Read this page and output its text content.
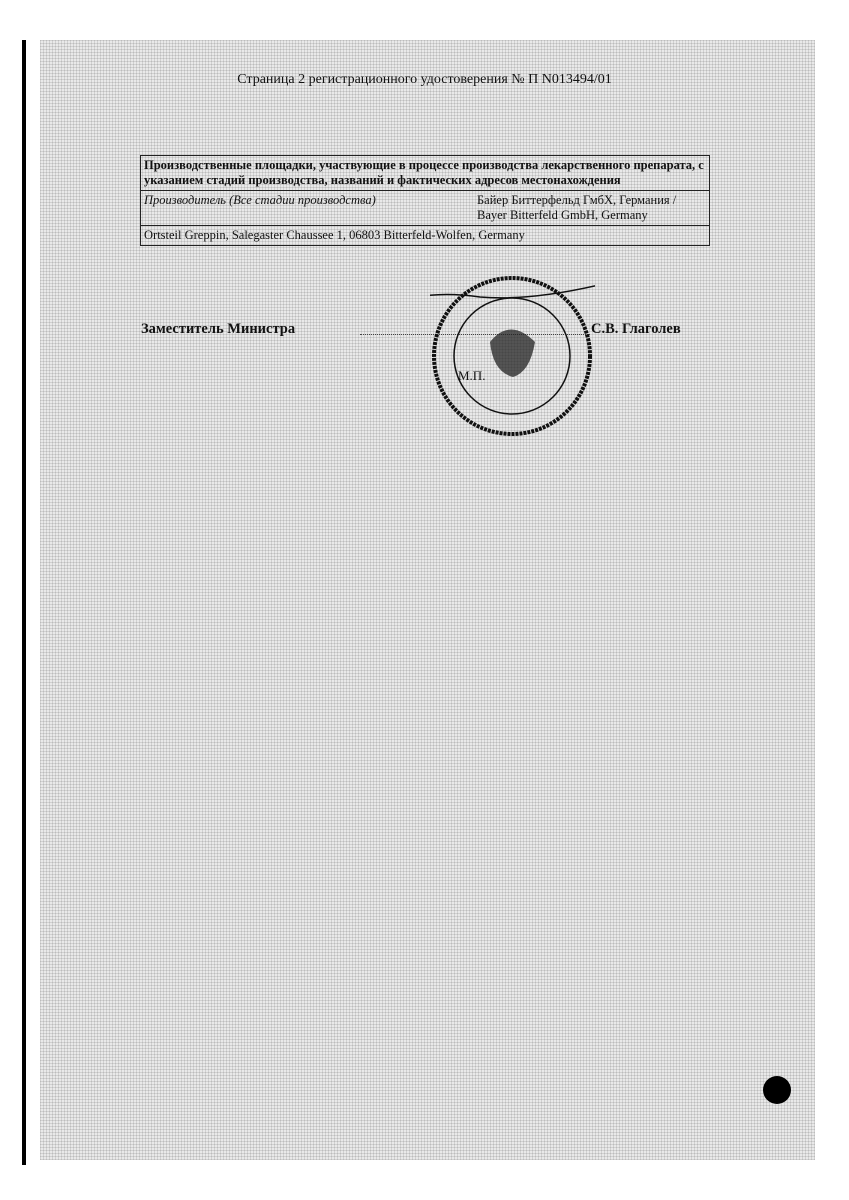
Страница 2 регистрационного удостоверения № П N013494/01
Производственные площадки, участвующие в процессе производства лекарственного препарата, с указанием стадий производства, названий и фактических адресов местонахождения
Производитель (Все стадии производства)	Байер Биттерфельд ГмбХ, Германия /
Bayer Bitterfeld GmbH, Germany

Ortsteil Greppin, Salegaster Chaussee 1, 06803 Bitterfeld-Wolfen, Germany
Заместитель Министра	С.В. Глаголев
М.П.
